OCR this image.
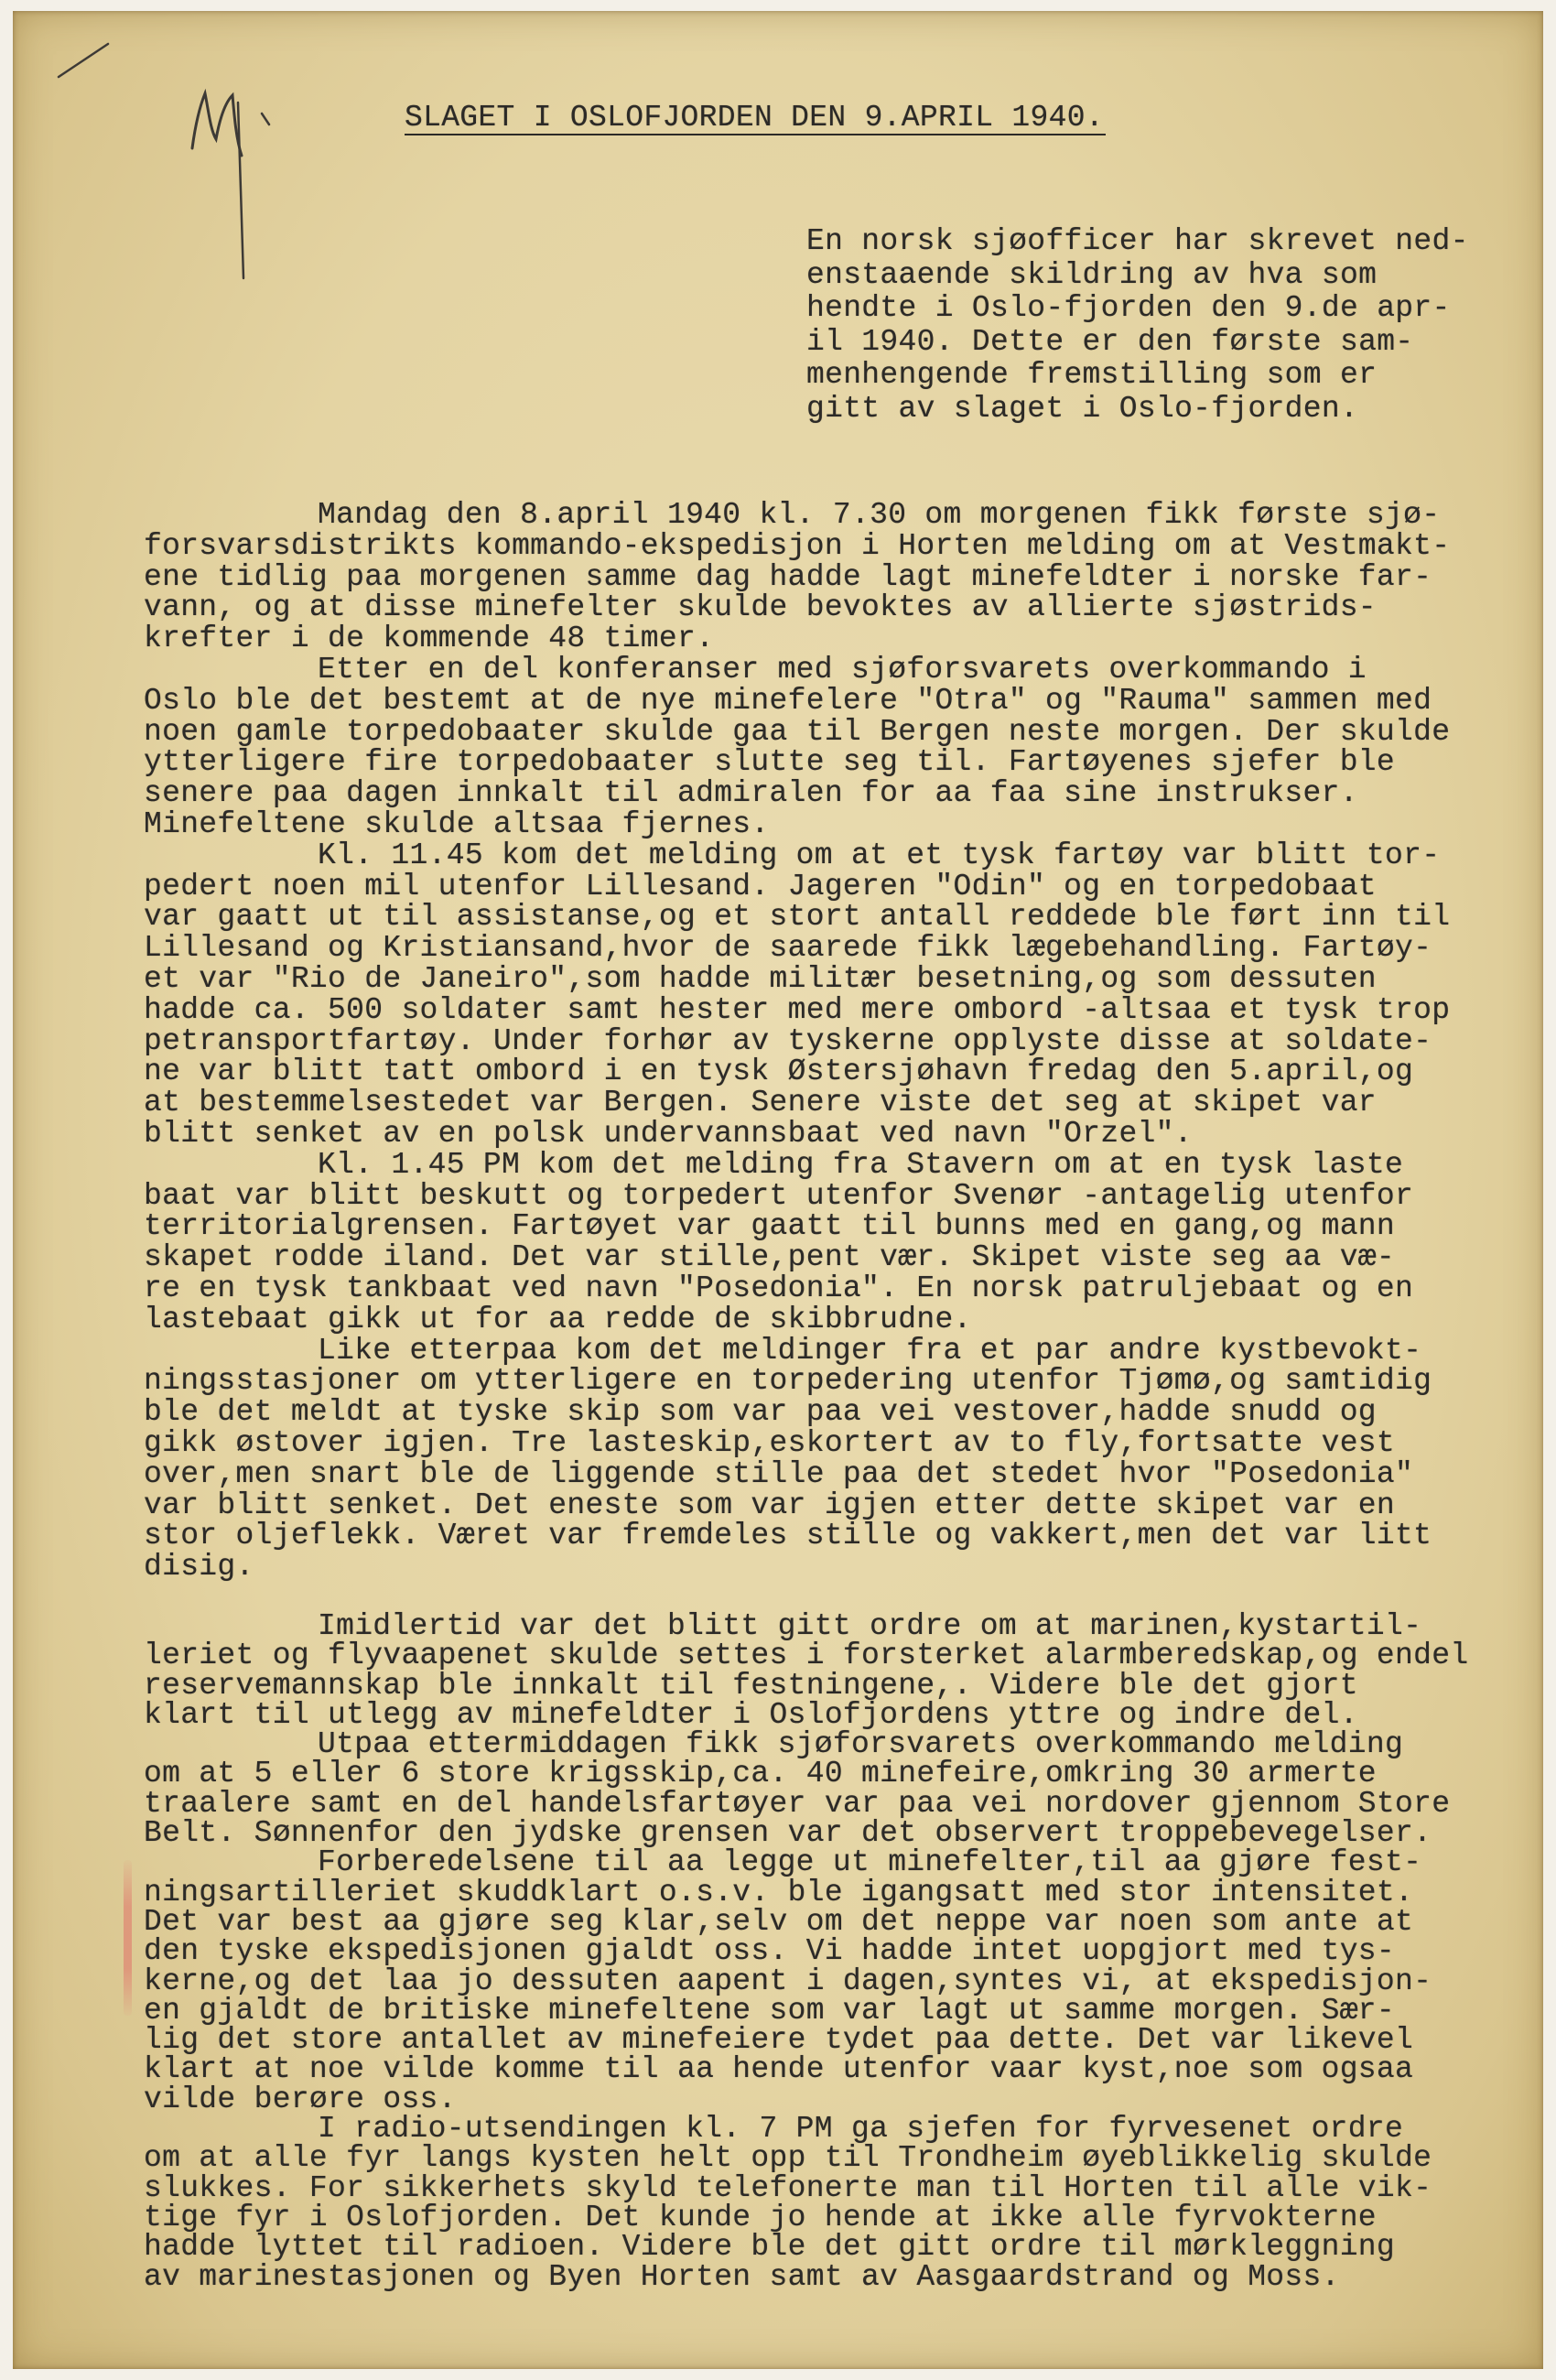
SLAGET I OSLOFJORDEN DEN 9.APRIL 1940.
En norsk sjøofficer har skrevet ned-
enstaaende skildring av hva som
hendte i Oslo-fjorden den 9.de apr-
il 1940. Dette er den første sam-
menhengende fremstilling som er
gitt av slaget i Oslo-fjorden.
Mandag den 8.april 1940 kl. 7.30 om morgenen fikk første sjø-
forsvarsdistrikts kommando-ekspedisjon i Horten melding om at Vestmakt-
ene tidlig paa morgenen samme dag hadde lagt minefeldter i norske far-
vann, og at disse minefelter skulde bevoktes av allierte sjøstrids-
krefter i de kommende 48 timer.
Etter en del konferanser med sjøforsvarets overkommando i
Oslo ble det bestemt at de nye minefelere "Otra" og "Rauma" sammen med
noen gamle torpedobaater skulde gaa til Bergen neste morgen. Der skulde
ytterligere fire torpedobaater slutte seg til. Fartøyenes sjefer ble
senere paa dagen innkalt til admiralen for aa faa sine instrukser.
Minefeltene skulde altsaa fjernes.
Kl. 11.45 kom det melding om at et tysk fartøy var blitt tor-
pedert noen mil utenfor Lillesand. Jageren "Odin" og en torpedobaat
var gaatt ut til assistanse,og et stort antall reddede ble ført inn til
Lillesand og Kristiansand,hvor de saarede fikk lægebehandling. Fartøy-
et var "Rio de Janeiro",som hadde militær besetning,og som dessuten
hadde ca. 500 soldater samt hester med mere ombord -altsaa et tysk trop
petransportfartøy. Under forhør av tyskerne opplyste disse at soldate-
ne var blitt tatt ombord i en tysk Østersjøhavn fredag den 5.april,og
at bestemmelsestedet var Bergen. Senere viste det seg at skipet var
blitt senket av en polsk undervannsbaat ved navn "Orzel".
Kl. 1.45 PM kom det melding fra Stavern om at en tysk laste
baat var blitt beskutt og torpedert utenfor Svenør -antagelig utenfor
territorialgrensen. Fartøyet var gaatt til bunns med en gang,og mann
skapet rodde iland. Det var stille,pent vær. Skipet viste seg aa væ-
re en tysk tankbaat ved navn "Posedonia". En norsk patruljebaat og en
lastebaat gikk ut for aa redde de skibbrudne.
Like etterpaa kom det meldinger fra et par andre kystbevokt-
ningsstasjoner om ytterligere en torpedering utenfor Tjømø,og samtidig
ble det meldt at tyske skip som var paa vei vestover,hadde snudd og
gikk østover igjen. Tre lasteskip,eskortert av to fly,fortsatte vest
over,men snart ble de liggende stille paa det stedet hvor "Posedonia"
var blitt senket. Det eneste som var igjen etter dette skipet var en
stor oljeflekk. Været var fremdeles stille og vakkert,men det var litt
disig.
Imidlertid var det blitt gitt ordre om at marinen,kystartil-
leriet og flyvaapenet skulde settes i forsterket alarmberedskap,og endel
reservemannskap ble innkalt til festningene,. Videre ble det gjort
klart til utlegg av minefeldter i Oslofjordens yttre og indre del.
Utpaa ettermiddagen fikk sjøforsvarets overkommando melding
om at 5 eller 6 store krigsskip,ca. 40 minefeire,omkring 30 armerte
traalere samt en del handelsfartøyer var paa vei nordover gjennom Store
Belt. Sønnenfor den jydske grensen var det observert troppebevegelser.
Forberedelsene til aa legge ut minefelter,til aa gjøre fest-
ningsartilleriet skuddklart o.s.v. ble igangsatt med stor intensitet.
Det var best aa gjøre seg klar,selv om det neppe var noen som ante at
den tyske ekspedisjonen gjaldt oss. Vi hadde intet uopgjort med tys-
kerne,og det laa jo dessuten aapent i dagen,syntes vi, at ekspedisjon-
en gjaldt de britiske minefeltene som var lagt ut samme morgen. Sær-
lig det store antallet av minefeiere tydet paa dette. Det var likevel
klart at noe vilde komme til aa hende utenfor vaar kyst,noe som ogsaa
vilde berøre oss.
I radio-utsendingen kl. 7 PM ga sjefen for fyrvesenet ordre
om at alle fyr langs kysten helt opp til Trondheim øyeblikkelig skulde
slukkes. For sikkerhets skyld telefonerte man til Horten til alle vik-
tige fyr i Oslofjorden. Det kunde jo hende at ikke alle fyrvokterne
hadde lyttet til radioen. Videre ble det gitt ordre til mørkleggning
av marinestasjonen og Byen Horten samt av Aasgaardstrand og Moss.
